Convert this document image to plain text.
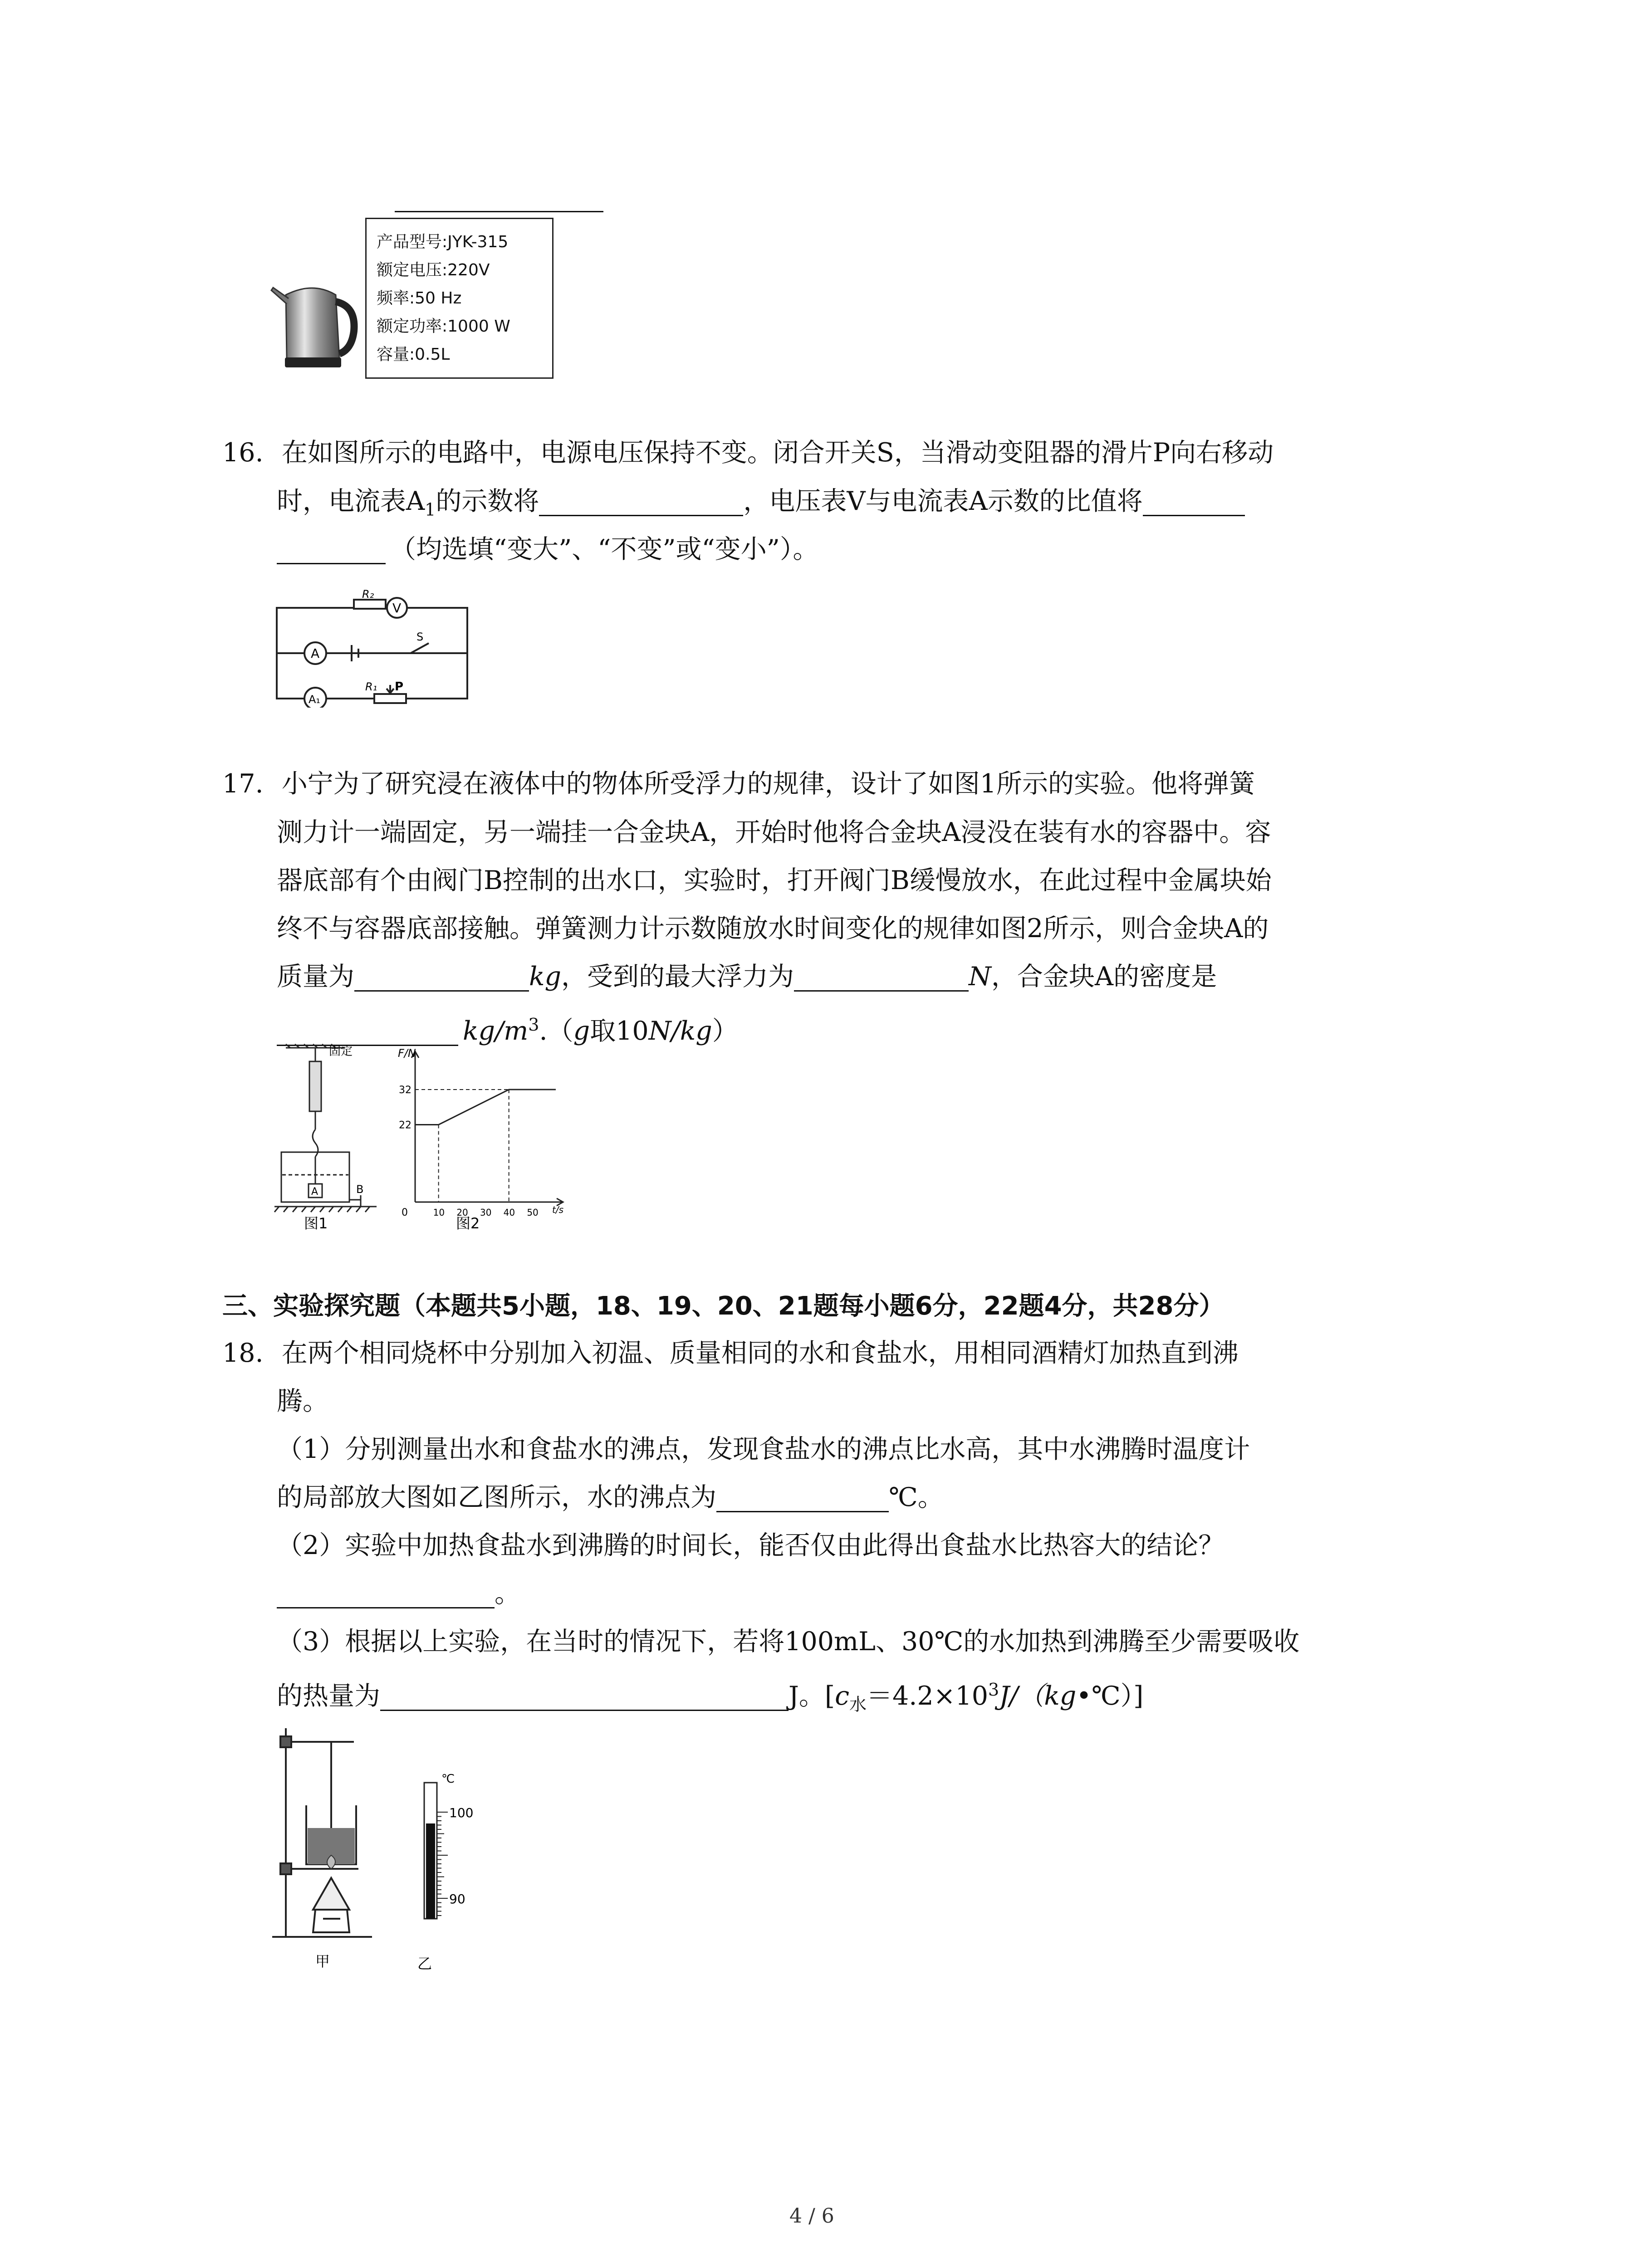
产品型号:JYK-315
额定电压:220V
频率:50 Hz
额定功率:1000 W
容量:0.5L
16. 在如图所示的电路中，电源电压保持不变。闭合开关S，当滑动变阻器的滑片P向右移动
时，电流表$A_1$的示数将	，电压表V与电流表A示数的比值将
（均选填“变大”、“不变”或“变小”）。
R₂
V
A
S
A₁
R₁ P
17. 小宁为了研究浸在液体中的物体所受浮力的规律，设计了如图1所示的实验。他将弹簧
测力计一端固定，另一端挂一合金块A，开始时他将合金块A浸没在装有水的容器中。容
器底部有个由阀门B控制的出水口，实验时，打开阀门B缓慢放水，在此过程中金属块始
终不与容器底部接触。弹簧测力计示数随放水时间变化的规律如图2所示，则合金块A的
质量为	kg，受到的最大浮力为	N，合金块A的密度是
$kg/m^3.(g$取10N/kg）
固定
A	B
图1
22
32
10 20 30 40 50
F/N
t/s
0
图2
三、实验探究题（本题共5小题，18、19、20、21题每小题6分，22题4分，共28分）
18. 在两个相同烧杯中分别加入初温、质量相同的水和食盐水，用相同酒精灯加热直到沸
腾。
（1）分别测量出水和食盐水的沸点，发现食盐水的沸点比水高，其中水沸腾时温度计
的局部放大图如乙图所示，水的沸点为	℃。
（2）实验中加热食盐水到沸腾的时间长，能否仅由此得出食盐水比热容大的结论？
。
（3）根据以上实验，在当时的情况下，若将100mL、30℃的水加热到沸腾至少需要吸收
的热量为	J。$[c_水=4.2\times 10^3J/(kg•℃)]$
甲
℃
100
90
乙
4 / 6
